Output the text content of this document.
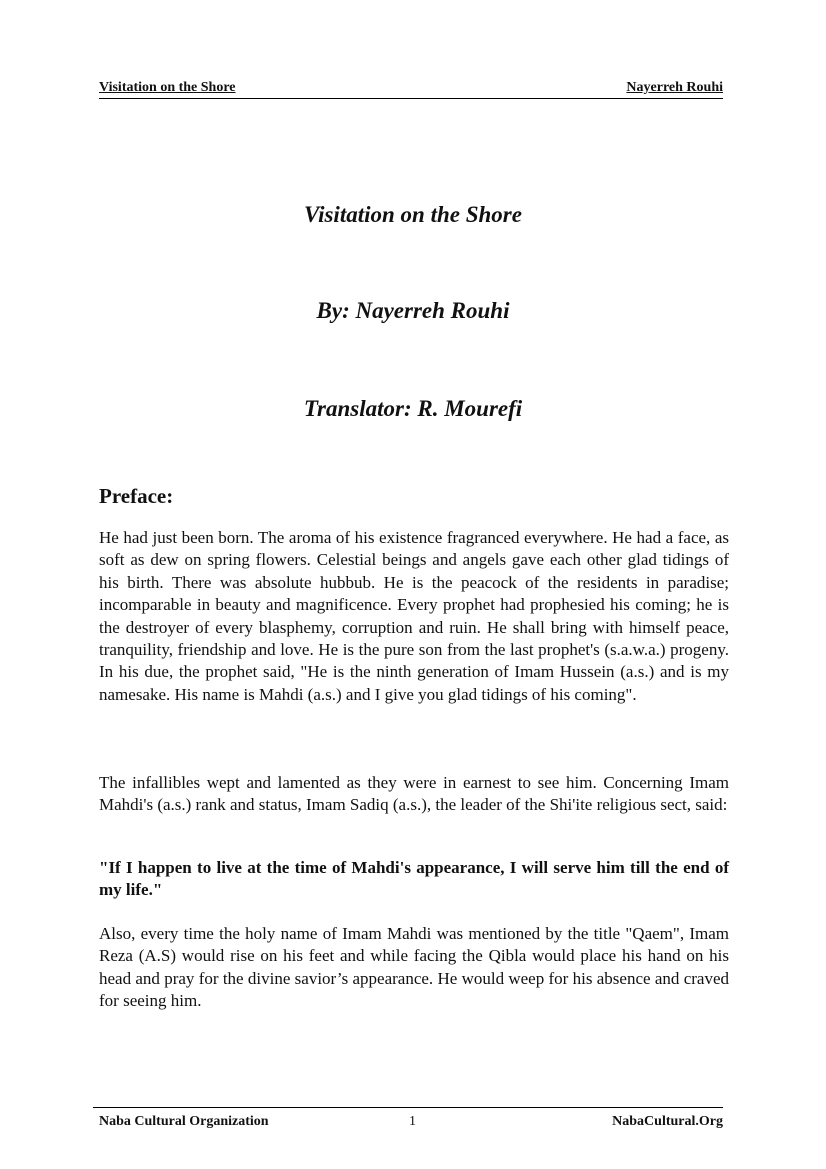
Visitation on the Shore	Nayerreh Rouhi
Visitation on the Shore
By: Nayerreh Rouhi
Translator: R. Mourefi
Preface:

He had just been born. The aroma of his existence fragranced everywhere. He had a face, as soft as dew on spring flowers. Celestial beings and angels gave each other glad tidings of his birth. There was absolute hubbub. He is the peacock of the residents in paradise; incomparable in beauty and magnificence. Every prophet had prophesied his coming; he is the destroyer of every blasphemy, corruption and ruin. He shall bring with himself peace, tranquility, friendship and love. He is the pure son from the last prophet's (s.a.w.a.) progeny. In his due, the prophet said, "He is the ninth generation of Imam Hussein (a.s.) and is my namesake. His name is Mahdi (a.s.) and I give you glad tidings of his coming".

The infallibles wept and lamented as they were in earnest to see him. Concerning Imam Mahdi's (a.s.) rank and status, Imam Sadiq (a.s.), the leader of the Shi'ite religious sect, said:

"If I happen to live at the time of Mahdi's appearance, I will serve him till the end of my life."

Also, every time the holy name of Imam Mahdi was mentioned by the title "Qaem", Imam Reza (A.S) would rise on his feet and while facing the Qibla would place his hand on his head and pray for the divine savior’s appearance. He would weep for his absence and craved for seeing him.

Naba Cultural Organization	1	NabaCultural.Org
